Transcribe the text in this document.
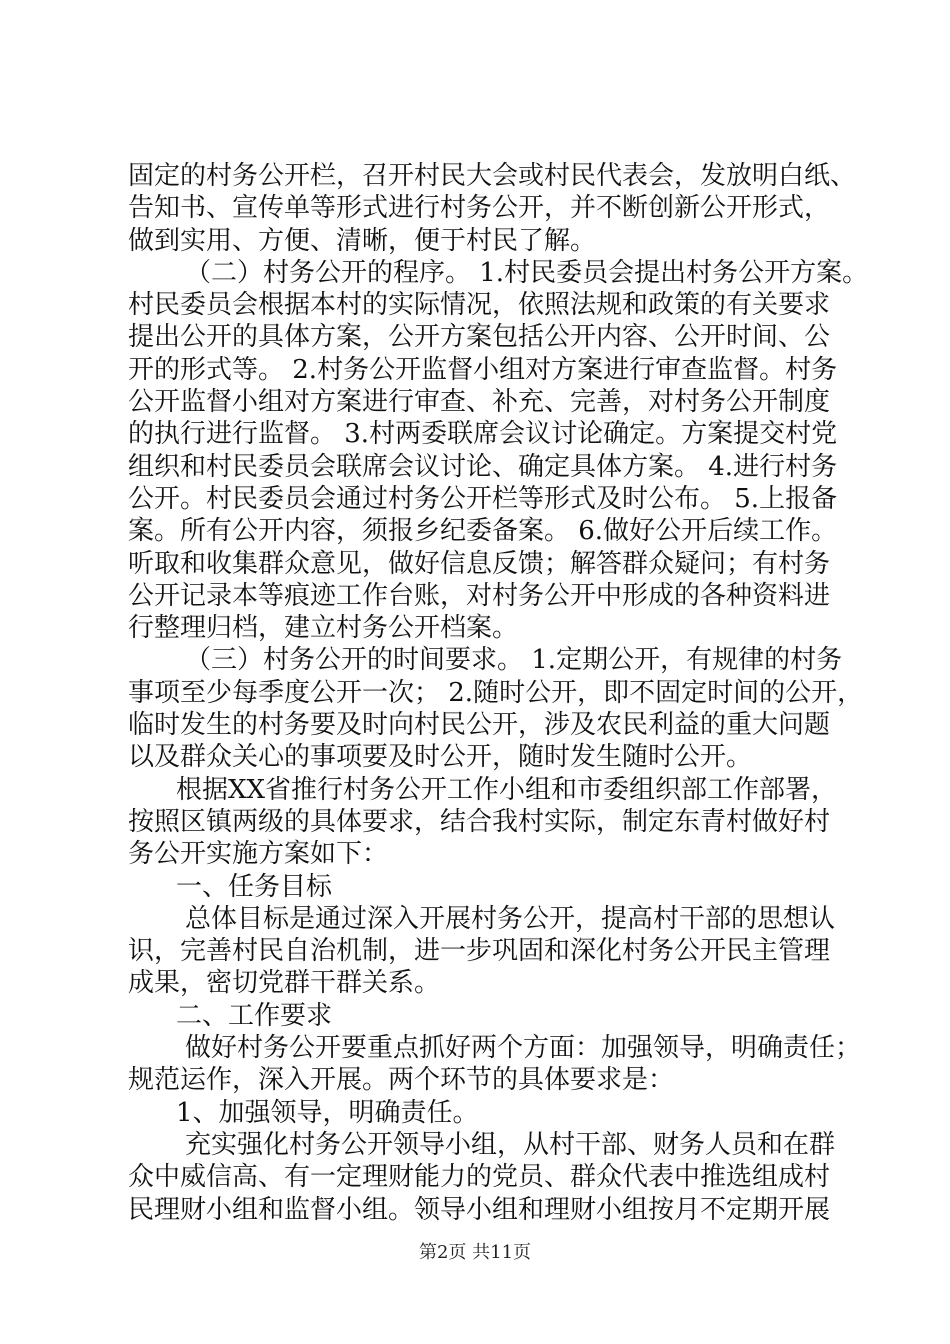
固定的村务公开栏，召开村民大会或村民代表会，发放明白纸、
告知书、宣传单等形式进行村务公开，并不断创新公开形式，
做到实用、方便、清晰，便于村民了解。
（二）村务公开的程序。 1.村民委员会提出村务公开方案。
村民委员会根据本村的实际情况，依照法规和政策的有关要求
提出公开的具体方案，公开方案包括公开内容、公开时间、公
开的形式等。 2.村务公开监督小组对方案进行审查监督。村务
公开监督小组对方案进行审查、补充、完善，对村务公开制度
的执行进行监督。 3.村两委联席会议讨论确定。方案提交村党
组织和村民委员会联席会议讨论、确定具体方案。 4.进行村务
公开。村民委员会通过村务公开栏等形式及时公布。 5.上报备
案。所有公开内容，须报乡纪委备案。 6.做好公开后续工作。
听取和收集群众意见，做好信息反馈；解答群众疑问；有村务
公开记录本等痕迹工作台账，对村务公开中形成的各种资料进
行整理归档，建立村务公开档案。
（三）村务公开的时间要求。 1.定期公开，有规律的村务
事项至少每季度公开一次； 2.随时公开，即不固定时间的公开，
临时发生的村务要及时向村民公开，涉及农民利益的重大问题
以及群众关心的事项要及时公开，随时发生随时公开。
根据XX省推行村务公开工作小组和市委组织部工作部署，
按照区镇两级的具体要求，结合我村实际，制定东青村做好村
务公开实施方案如下：
一、任务目标
总体目标是通过深入开展村务公开，提高村干部的思想认
识，完善村民自治机制，进一步巩固和深化村务公开民主管理
成果，密切党群干群关系。
二、工作要求
做好村务公开要重点抓好两个方面：加强领导，明确责任；
规范运作，深入开展。两个环节的具体要求是：
1、加强领导，明确责任。
充实强化村务公开领导小组，从村干部、财务人员和在群
众中威信高、有一定理财能力的党员、群众代表中推选组成村
民理财小组和监督小组。领导小组和理财小组按月不定期开展
第2页 共11页
